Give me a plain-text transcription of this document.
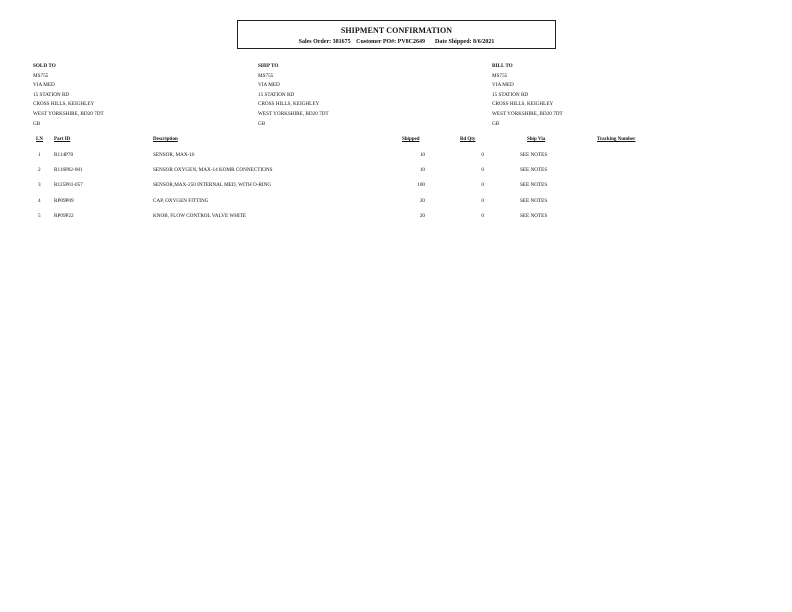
SHIPMENT CONFIRMATION
Sales Order: 381675 Customer PO#: PV8C2649 Date Shipped: 8/6/2021
SOLD TO
MS755
VIA MED
15 STATION RD
CROSS HILLS, KEIGHLEY
WEST YORKSHIRE, BD20 7DT
GB
SHIP TO
MS755
VIA MED
15 STATION RD
CROSS HILLS, KEIGHLEY
WEST YORKSHIRE, BD20 7DT
GB
BILL TO
MS755
VIA MED
15 STATION RD
CROSS HILLS, KEIGHLEY
WEST YORKSHIRE, BD20 7DT
GB
LN Part ID	Description	Shipped	Bd Qty	Ship Via	Tracking Number
1	R114P70	SENSOR, MAX-16	10	0	SEE NOTES
2	R116P82-001	SENSOR OXYGEN, MAX-14 KOMR CONNECTIONS	10	0	SEE NOTES
3	R125P01-057	SENSOR,MAX-250 INTERNAL MED, WITH O-RING	100	0	SEE NOTES
4	RP09P09	CAP, OXYGEN FITTING	20	0	SEE NOTES
5	RP09P22	KNOB, FLOW CONTROL VALVE WHITE	20	0	SEE NOTES
